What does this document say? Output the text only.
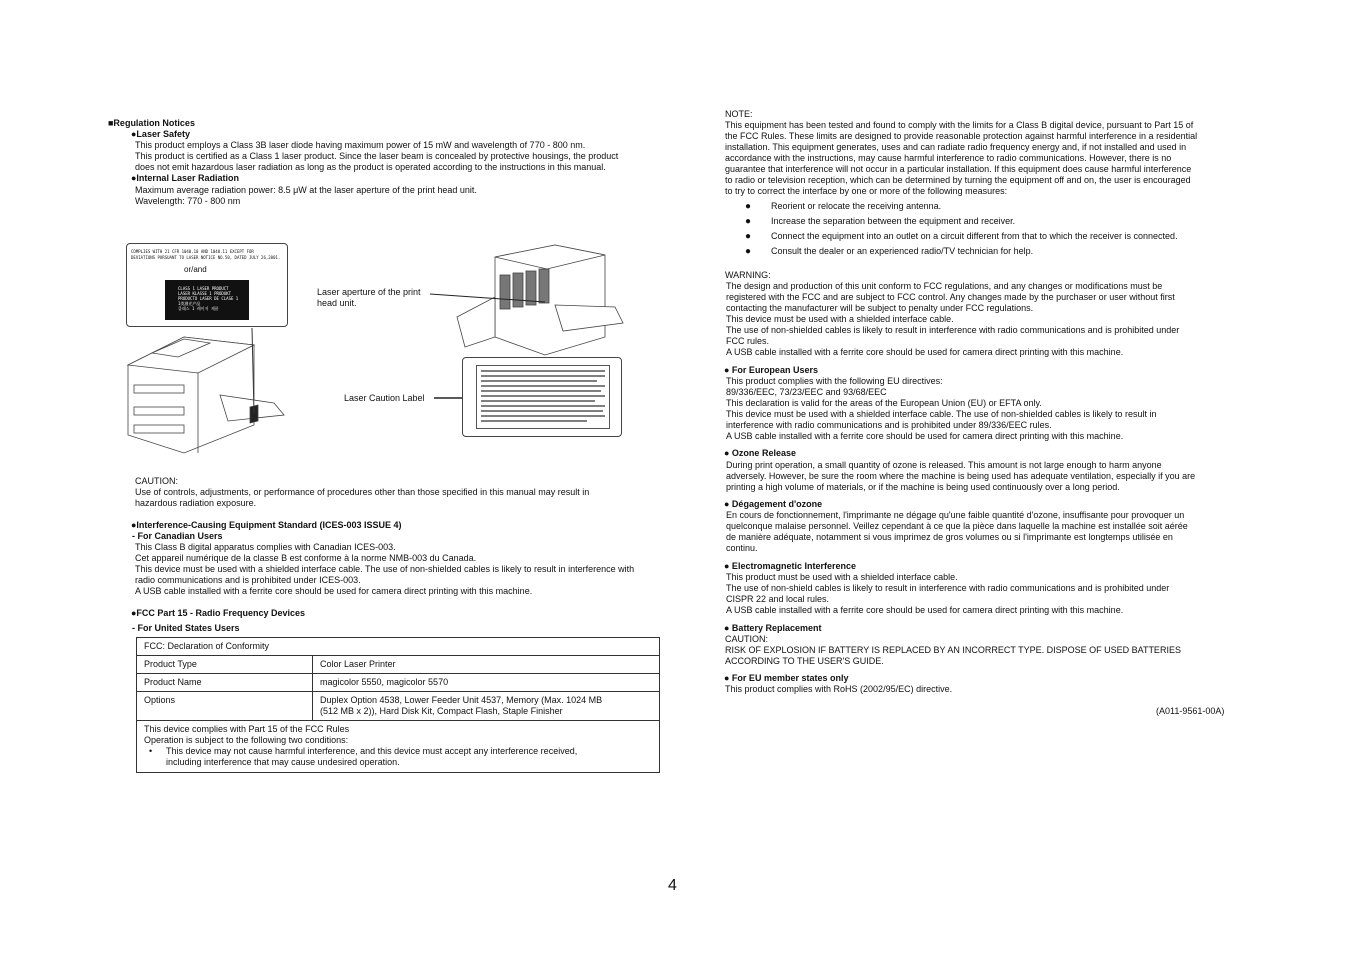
■Regulation Notices
●Laser Safety
This product employs a Class 3B laser diode having maximum power of 15 mW and wavelength of 770 - 800 nm.
This product is certified as a Class 1 laser product. Since the laser beam is concealed by protective housings, the product
does not emit hazardous laser radiation as long as the product is operated according to the instructions in this manual.
●Internal Laser Radiation
Maximum average radiation power: 8.5 μW at the laser aperture of the print head unit.
Wavelength: 770 - 800 nm
COMPLIES WITH 21 CFR 1040.10 AND 1040.11 EXCEPT FOR
DEVIATIONS PURSUANT TO LASER NOTICE NO.50, DATED JULY 26,2001.
or/and
CLASS 1 LASER PRODUCT
LASER KLASSE 1 PRODUKT
PRODUCTO LASER DE CLASE 1
1类激光产品
클래스 1 레이저 제품
Laser aperture of the print
head unit.
Laser Caution Label
CAUTION:
Use of controls, adjustments, or performance of procedures other than those specified in this manual may result in
hazardous radiation exposure.
●Interference-Causing Equipment Standard (ICES-003 ISSUE 4)
- For Canadian Users
This Class B digital apparatus complies with Canadian ICES-003.
Cet appareil numérique de la classe B est conforme à la norme NMB-003 du Canada.
This device must be used with a shielded interface cable. The use of non-shielded cables is likely to result in interference with
radio communications and is prohibited under ICES-003.
A USB cable installed with a ferrite core should be used for camera direct printing with this machine.
●FCC Part 15 - Radio Frequency Devices
- For United States Users
FCC: Declaration of Conformity	
Product Type	Color Laser Printer
Product Name	magicolor 5550, magicolor 5570
Options	Duplex Option 4538, Lower Feeder Unit 4537, Memory (Max. 1024 MB
(512 MB x 2)), Hard Disk Kit, Compact Flash, Staple Finisher

This device complies with Part 15 of the FCC Rules
Operation is subject to the following two conditions:
• This device may not cause harmful interference, and this device must accept any interference received,
including interference that may cause undesired operation.	
NOTE:
This equipment has been tested and found to comply with the limits for a Class B digital device, pursuant to Part 15 of
the FCC Rules. These limits are designed to provide reasonable protection against harmful interference in a residential
installation. This equipment generates, uses and can radiate radio frequency energy and, if not installed and used in
accordance with the instructions, may cause harmful interference to radio communications. However, there is no
guarantee that interference will not occur in a particular installation. If this equipment does cause harmful interference
to radio or television reception, which can be determined by turning the equipment off and on, the user is encouraged
to try to correct the interface by one or more of the following measures:
● Reorient or relocate the receiving antenna.
● Increase the separation between the equipment and receiver.
● Connect the equipment into an outlet on a circuit different from that to which the receiver is connected.
● Consult the dealer or an experienced radio/TV technician for help.
WARNING:
The design and production of this unit conform to FCC regulations, and any changes or modifications must be
registered with the FCC and are subject to FCC control. Any changes made by the purchaser or user without first
contacting the manufacturer will be subject to penalty under FCC regulations.
This device must be used with a shielded interface cable.
The use of non-shielded cables is likely to result in interference with radio communications and is prohibited under
FCC rules.
A USB cable installed with a ferrite core should be used for camera direct printing with this machine.
● For European Users
This product complies with the following EU directives:
89/336/EEC, 73/23/EEC and 93/68/EEC
This declaration is valid for the areas of the European Union (EU) or EFTA only.
This device must be used with a shielded interface cable. The use of non-shielded cables is likely to result in
interference with radio communications and is prohibited under 89/336/EEC rules.
A USB cable installed with a ferrite core should be used for camera direct printing with this machine.
● Ozone Release
During print operation, a small quantity of ozone is released. This amount is not large enough to harm anyone
adversely. However, be sure the room where the machine is being used has adequate ventilation, especially if you are
printing a high volume of materials, or if the machine is being used continuously over a long period.
● Dégagement d'ozone
En cours de fonctionnement, l'imprimante ne dégage qu'une faible quantité d'ozone, insuffisante pour provoquer un
quelconque malaise personnel. Veillez cependant à ce que la pièce dans laquelle la machine est installée soit aérée
de manière adéquate, notamment si vous imprimez de gros volumes ou si l'imprimante est longtemps utilisée en
continu.
● Electromagnetic Interference
This product must be used with a shielded interface cable.
The use of non-shield cables is likely to result in interference with radio communications and is prohibited under
CISPR 22 and local rules.
A USB cable installed with a ferrite core should be used for camera direct printing with this machine.
● Battery Replacement
CAUTION:
RISK OF EXPLOSION IF BATTERY IS REPLACED BY AN INCORRECT TYPE. DISPOSE OF USED BATTERIES
ACCORDING TO THE USER'S GUIDE.
● For EU member states only
This product complies with RoHS (2002/95/EC) directive.
(A011-9561-00A)
4
